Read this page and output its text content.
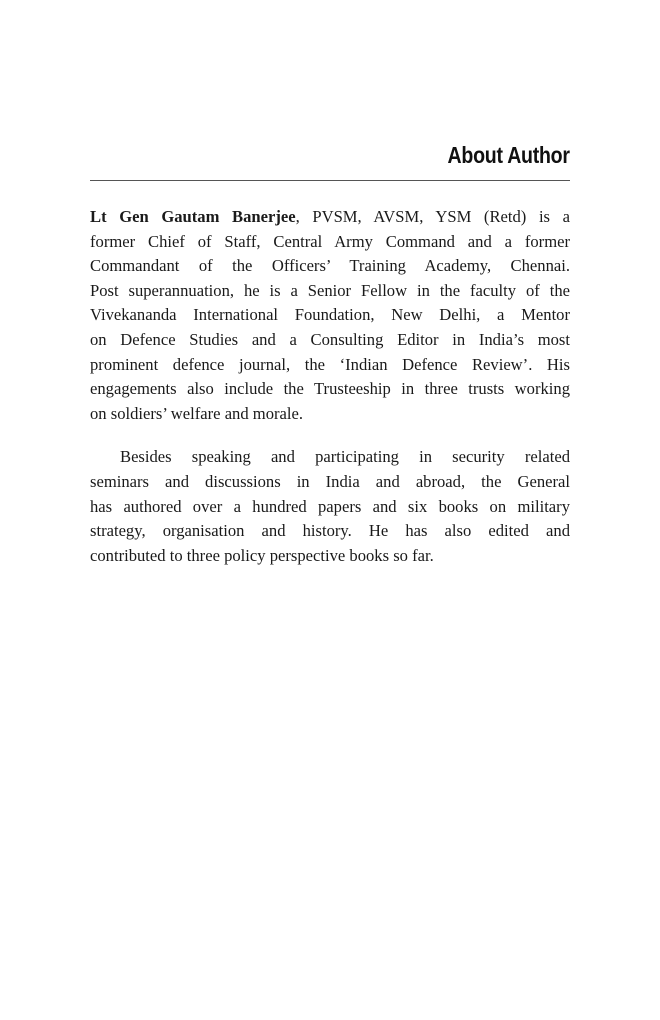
About Author

Lt Gen Gautam Banerjee, PVSM, AVSM, YSM (Retd) is a
former Chief of Staff, Central Army Command and a former
Commandant of the Officers’ Training Academy, Chennai.
Post superannuation, he is a Senior Fellow in the faculty of the
Vivekananda International Foundation, New Delhi, a Mentor
on Defence Studies and a Consulting Editor in India’s most
prominent defence journal, the ‘Indian Defence Review’. His
engagements also include the Trusteeship in three trusts working
on soldiers’ welfare and morale.

Besides speaking and participating in security related
seminars and discussions in India and abroad, the General
has authored over a hundred papers and six books on military
strategy, organisation and history. He has also edited and
contributed to three policy perspective books so far.
